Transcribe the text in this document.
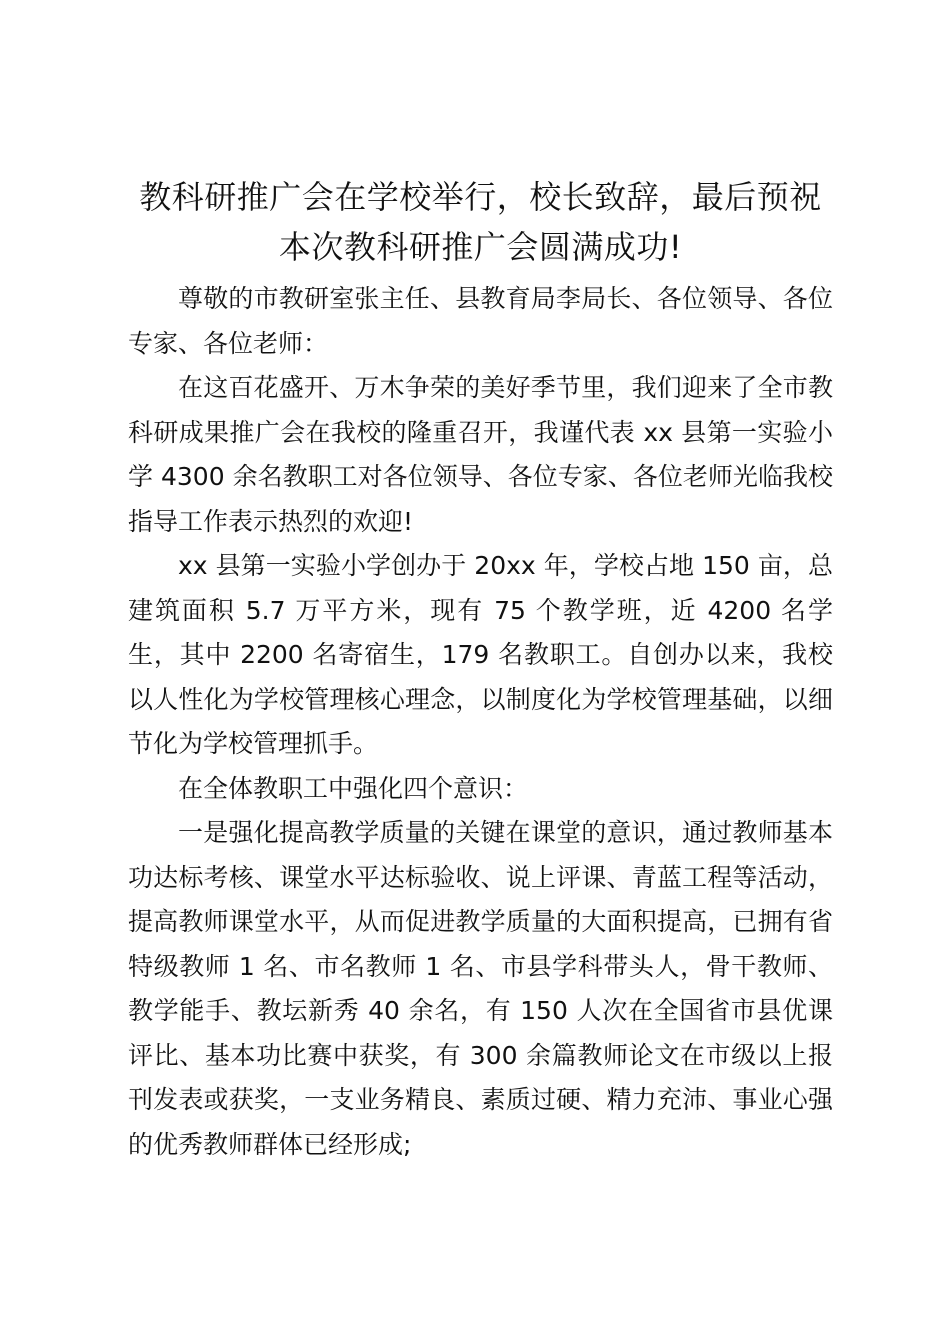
教科研推广会在学校举行，校长致辞，最后预祝本次教科研推广会圆满成功!

尊敬的市教研室张主任、县教育局李局长、各位领导、各位专家、各位老师：

在这百花盛开、万木争荣的美好季节里，我们迎来了全市教科研成果推广会在我校的隆重召开，我谨代表 xx 县第一实验小学 4300 余名教职工对各位领导、各位专家、各位老师光临我校指导工作表示热烈的欢迎!

xx 县第一实验小学创办于 20xx 年，学校占地 150 亩，总建筑面积 5.7 万平方米，现有 75 个教学班，近 4200 名学生，其中 2200 名寄宿生，179 名教职工。自创办以来，我校以人性化为学校管理核心理念，以制度化为学校管理基础，以细节化为学校管理抓手。

在全体教职工中强化四个意识：

一是强化提高教学质量的关键在课堂的意识，通过教师基本功达标考核、课堂水平达标验收、说上评课、青蓝工程等活动，提高教师课堂水平，从而促进教学质量的大面积提高，已拥有省特级教师 1 名、市名教师 1 名、市县学科带头人，骨干教师、教学能手、教坛新秀 40 余名，有 150 人次在全国省市县优课评比、基本功比赛中获奖，有 300 余篇教师论文在市级以上报刊发表或获奖，一支业务精良、素质过硬、精力充沛、事业心强的优秀教师群体已经形成;
